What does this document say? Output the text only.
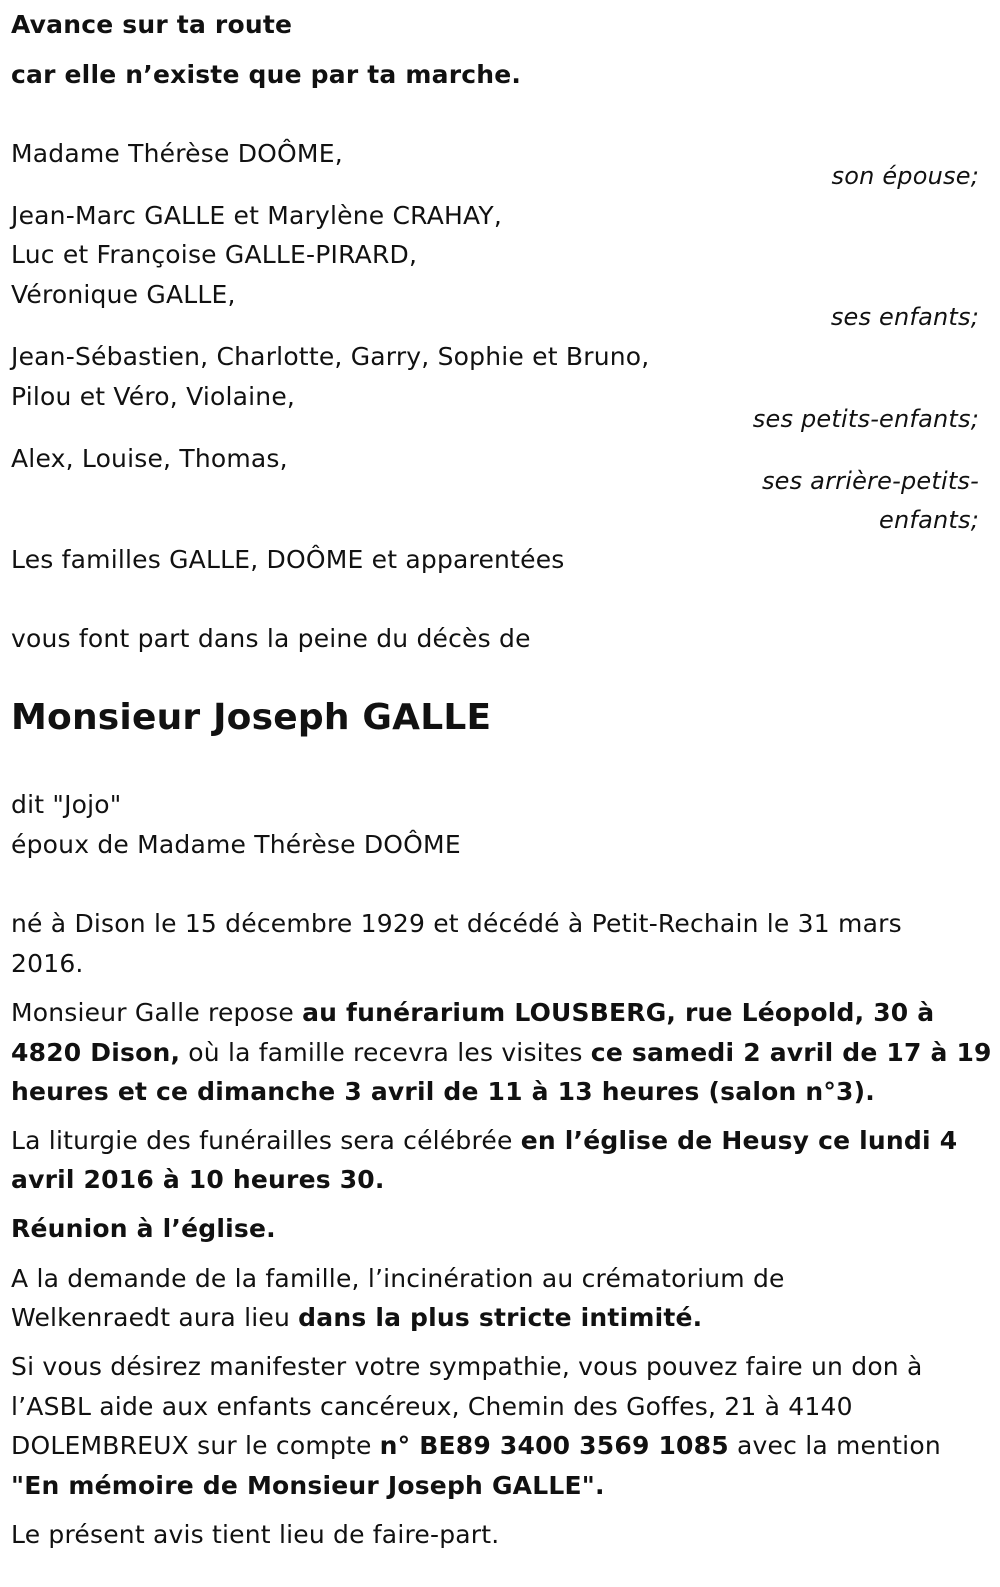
Avance sur ta route
car elle n’existe que par ta marche.
Madame Thérèse DOÔME,
son épouse;
Jean-Marc GALLE et Marylène CRAHAY,
Luc et Françoise GALLE-PIRARD,
Véronique GALLE,
ses enfants;
Jean-Sébastien, Charlotte, Garry, Sophie et Bruno,
Pilou et Véro, Violaine,
ses petits-enfants;
Alex, Louise, Thomas,
ses arrière-petits-
enfants;
Les familles GALLE, DOÔME et apparentées
vous font part dans la peine du décès de
Monsieur Joseph GALLE
dit "Jojo"
époux de Madame Thérèse DOÔME
né à Dison le 15 décembre 1929 et décédé à Petit-Rechain le 31 mars
2016.
Monsieur Galle repose au funérarium LOUSBERG, rue Léopold, 30 à
4820 Dison, où la famille recevra les visites ce samedi 2 avril de 17 à 19
heures et ce dimanche 3 avril de 11 à 13 heures (salon n°3).
La liturgie des funérailles sera célébrée en l’église de Heusy ce lundi 4
avril 2016 à 10 heures 30.
Réunion à l’église.
A la demande de la famille, l’incinération au crématorium de
Welkenraedt aura lieu dans la plus stricte intimité.
Si vous désirez manifester votre sympathie, vous pouvez faire un don à
l’ASBL aide aux enfants cancéreux, Chemin des Goffes, 21 à 4140
DOLEMBREUX sur le compte n° BE89 3400 3569 1085 avec la mention
"En mémoire de Monsieur Joseph GALLE".
Le présent avis tient lieu de faire-part.
